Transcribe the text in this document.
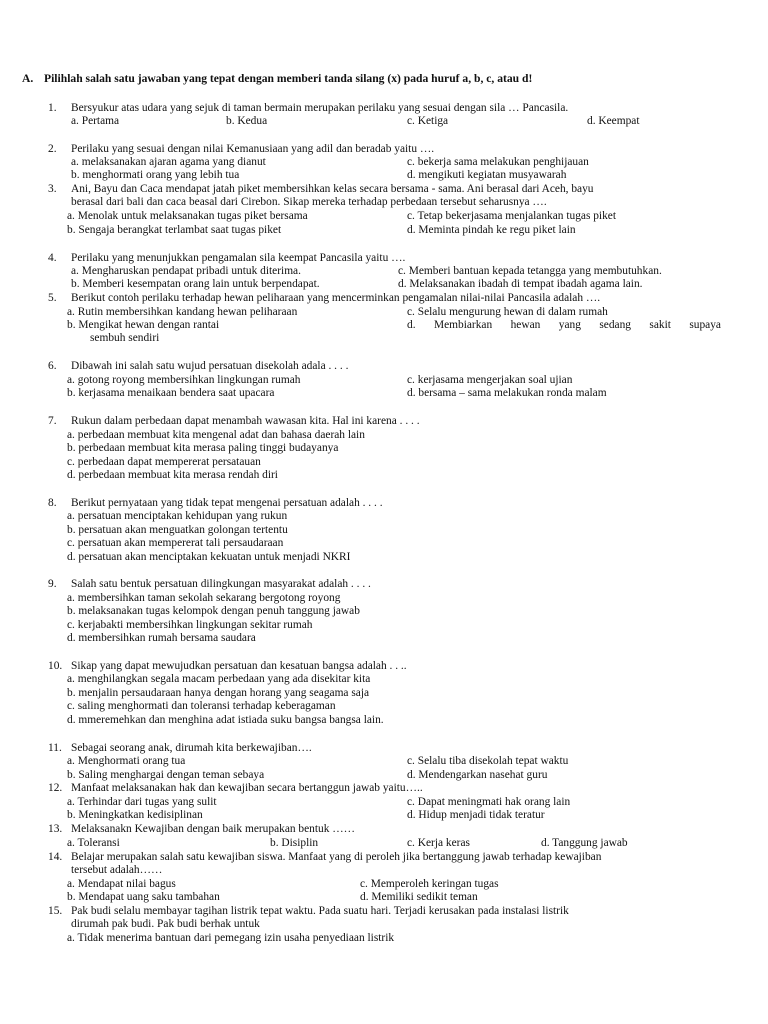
A. Pilihlah salah satu jawaban yang tepat dengan memberi tanda silang (x) pada huruf a, b, c, atau d!
1. Bersyukur atas udara yang sejuk di taman bermain merupakan perilaku yang sesuai dengan sila … Pancasila.
a. Pertama	b. Kedua	c. Ketiga	d. Keempat
2. Perilaku yang sesuai dengan nilai Kemanusiaan yang adil dan beradab yaitu ….
a. melaksanakan ajaran agama yang dianut	c. bekerja sama melakukan penghijauan
b. menghormati orang yang lebih tua	d. mengikuti kegiatan musyawarah
3. Ani, Bayu dan Caca mendapat jatah piket membersihkan kelas secara bersama - sama. Ani berasal dari Aceh, bayu
berasal dari bali dan caca beasal dari Cirebon. Sikap mereka terhadap perbedaan tersebut seharusnya ….
a. Menolak untuk melaksanakan tugas piket bersama	c. Tetap bekerjasama menjalankan tugas piket
b. Sengaja berangkat terlambat saat tugas piket	d. Meminta pindah ke regu piket lain
4. Perilaku yang menunjukkan pengamalan sila keempat Pancasila yaitu ….
a. Mengharuskan pendapat pribadi untuk diterima.	c. Memberi bantuan kepada tetangga yang membutuhkan.
b. Memberi kesempatan orang lain untuk berpendapat.	d. Melaksanakan ibadah di tempat ibadah agama lain.
5. Berikut contoh perilaku terhadap hewan peliharaan yang mencerminkan pengamalan nilai-nilai Pancasila adalah ….
a. Rutin membersihkan kandang hewan peliharaan	c. Selalu mengurung hewan di dalam rumah
b. Mengikat hewan dengan rantai	d. Membiarkan hewan yang sedang sakit supaya
sembuh sendiri
6. Dibawah ini salah satu wujud persatuan disekolah adala . . . .
a. gotong royong membersihkan lingkungan rumah	c. kerjasama mengerjakan soal ujian
b. kerjasama menaikaan bendera saat upacara	d. bersama – sama melakukan ronda malam
7. Rukun dalam perbedaan dapat menambah wawasan kita. Hal ini karena . . . .
a. perbedaan membuat kita mengenal adat dan bahasa daerah lain
b. perbedaan membuat kita merasa paling tinggi budayanya
c. perbedaan dapat mempererat persatauan
d. perbedaan membuat kita merasa rendah diri
8. Berikut pernyataan yang tidak tepat mengenai persatuan adalah . . . .
a. persatuan menciptakan kehidupan yang rukun
b. persatuan akan menguatkan golongan tertentu
c. persatuan akan mempererat tali persaudaraan
d. persatuan akan menciptakan kekuatan untuk menjadi NKRI
9. Salah satu bentuk persatuan dilingkungan masyarakat adalah . . . .
a. membersihkan taman sekolah sekarang bergotong royong
b. melaksanakan tugas kelompok dengan penuh tanggung jawab
c. kerjabakti membersihkan lingkungan sekitar rumah
d. membersihkan rumah bersama saudara
10. Sikap yang dapat mewujudkan persatuan dan kesatuan bangsa adalah . . ..
a. menghilangkan segala macam perbedaan yang ada disekitar kita
b. menjalin persaudaraan hanya dengan horang yang seagama saja
c. saling menghormati dan toleransi terhadap keberagaman
d. mmeremehkan dan menghina adat istiada suku bangsa bangsa lain.
11. Sebagai seorang anak, dirumah kita berkewajiban….
a. Menghormati orang tua	c. Selalu tiba disekolah tepat waktu
b. Saling menghargai dengan teman sebaya	d. Mendengarkan nasehat guru
12. Manfaat melaksanakan hak dan kewajiban secara bertanggun jawab yaitu…..
a. Terhindar dari tugas yang sulit	c. Dapat meningmati hak orang lain
b. Meningkatkan kedisiplinan	d. Hidup menjadi tidak teratur
13. Melaksanakn Kewajiban dengan baik merupakan bentuk ……
a. Toleransi	b. Disiplin	c. Kerja keras	d. Tanggung jawab
14. Belajar merupakan salah satu kewajiban siswa. Manfaat yang di peroleh jika bertanggung jawab terhadap kewajiban
tersebut adalah……
a. Mendapat nilai bagus	c. Memperoleh keringan tugas
b. Mendapat uang saku tambahan	d. Memiliki sedikit teman
15. Pak budi selalu membayar tagihan listrik tepat waktu. Pada suatu hari. Terjadi kerusakan pada instalasi listrik
dirumah pak budi. Pak budi berhak untuk
a. Tidak menerima bantuan dari pemegang izin usaha penyediaan listrik
